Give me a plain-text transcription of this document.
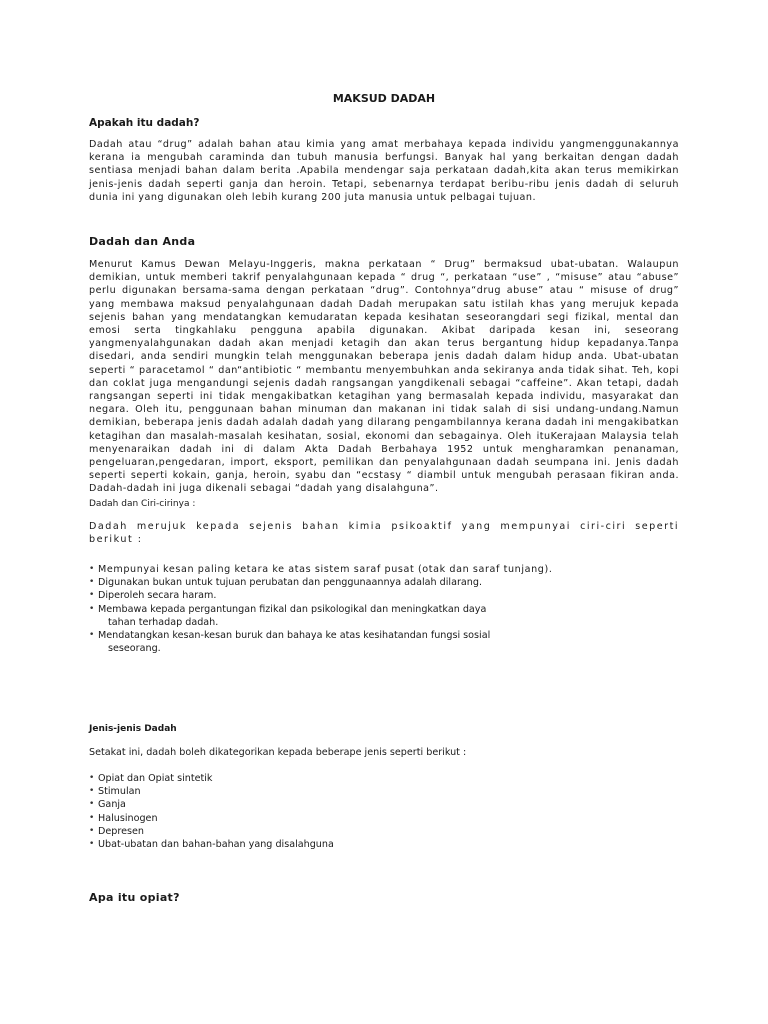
MAKSUD DADAH
Apakah itu dadah?

Dadah atau “drug” adalah bahan atau kimia yang amat merbahaya kepada individu yangmenggunakannya kerana ia mengubah caraminda dan tubuh manusia berfungsi. Banyak hal yang berkaitan dengan dadah sentiasa menjadi bahan dalam berita .Apabila mendengar saja perkataan dadah,kita akan terus memikirkan jenis-jenis dadah seperti ganja dan heroin. Tetapi, sebenarnya terdapat beribu-ribu jenis dadah di seluruh dunia ini yang digunakan oleh lebih kurang 200 juta manusia untuk pelbagai tujuan.

Dadah dan Anda

Menurut Kamus Dewan Melayu-Inggeris, makna perkataan “ Drug” bermaksud ubat-ubatan. Walaupun demikian, untuk memberi takrif penyalahgunaan kepada “ drug “, perkataan “use” , “misuse” atau “abuse” perlu digunakan bersama-sama dengan perkataan “drug”. Contohnya“drug abuse” atau “ misuse of drug” yang membawa maksud penyalahgunaan dadah Dadah merupakan satu istilah khas yang merujuk kepada sejenis bahan yang mendatangkan kemudaratan kepada kesihatan seseorangdari segi fizikal, mental dan emosi serta tingkahlaku pengguna apabila digunakan. Akibat daripada kesan ini, seseorang yangmenyalahgunakan dadah akan menjadi ketagih dan akan terus bergantung hidup kepadanya.Tanpa disedari, anda sendiri mungkin telah menggunakan beberapa jenis dadah dalam hidup anda. Ubat-ubatan seperti “ paracetamol “ dan“antibiotic “ membantu menyembuhkan anda sekiranya anda tidak sihat. Teh, kopi dan coklat juga mengandungi sejenis dadah rangsangan yangdikenali sebagai “caffeine”. Akan tetapi, dadah rangsangan seperti ini tidak mengakibatkan ketagihan yang bermasalah kepada individu, masyarakat dan negara. Oleh itu, penggunaan bahan minuman dan makanan ini tidak salah di sisi undang-undang.Namun demikian, beberapa jenis dadah adalah dadah yang dilarang pengambilannya kerana dadah ini mengakibatkan ketagihan dan masalah-masalah kesihatan, sosial, ekonomi dan sebagainya. Oleh ituKerajaan Malaysia telah menyenaraikan dadah ini di dalam Akta Dadah Berbahaya 1952 untuk mengharamkan penanaman, pengeluaran,pengedaran, import, eksport, pemilikan dan penyalahgunaan dadah seumpana ini. Jenis dadah seperti seperti kokain, ganja, heroin, syabu dan “ecstasy “ diambil untuk mengubah perasaan fikiran anda. Dadah-dadah ini juga dikenali sebagai “dadah yang disalahguna”.

Dadah dan Ciri-cirinya :

Dadah merujuk kepada sejenis bahan kimia psikoaktif yang mempunyai ciri-ciri seperti berikut :

• Mempunyai kesan paling ketara ke atas sistem saraf pusat (otak dan saraf tunjang).
• Digunakan bukan untuk tujuan perubatan dan penggunaannya adalah dilarang.
• Diperoleh secara haram.
• Membawa kepada pergantungan fizikal dan psikologikal dan meningkatkan daya
tahan terhadap dadah.
• Mendatangkan kesan-kesan buruk dan bahaya ke atas kesihatandan fungsi sosial
seseorang.
Jenis-jenis Dadah

Setakat ini, dadah boleh dikategorikan kepada beberape jenis seperti berikut :

• Opiat dan Opiat sintetik
• Stimulan
• Ganja
• Halusinogen
• Depresen
• Ubat-ubatan dan bahan-bahan yang disalahguna
Apa itu opiat?
